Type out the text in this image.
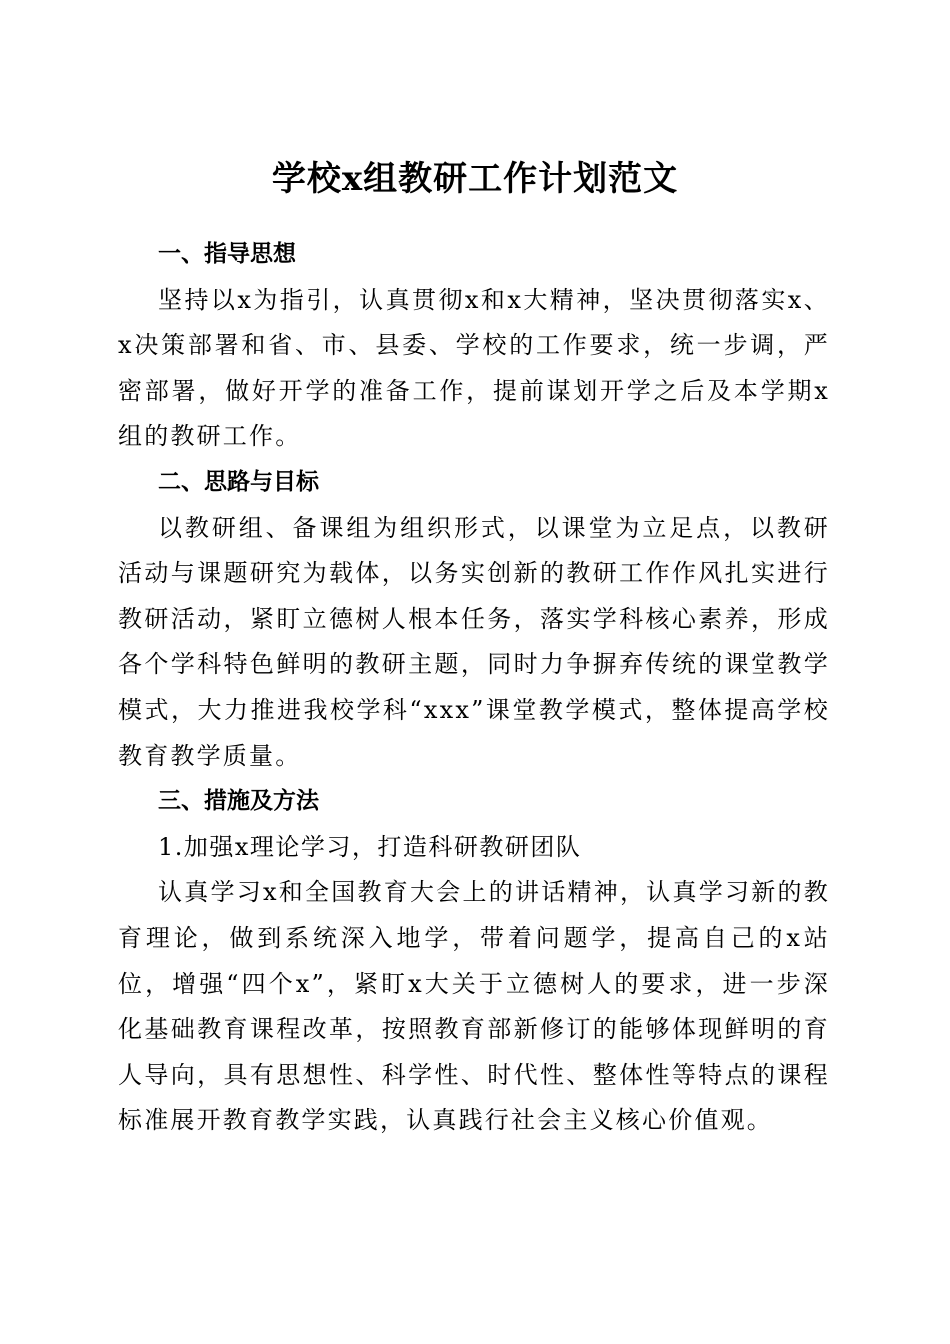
学校x组教研工作计划范文
一、指导思想

坚持以x为指引，认真贯彻x和x大精神，坚决贯彻落实x、x决策部署和省、市、县委、学校的工作要求，统一步调，严密部署，做好开学的准备工作，提前谋划开学之后及本学期x组的教研工作。

二、思路与目标

以教研组、备课组为组织形式，以课堂为立足点，以教研活动与课题研究为载体，以务实创新的教研工作作风扎实进行教研活动，紧盯立德树人根本任务，落实学科核心素养，形成各个学科特色鲜明的教研主题，同时力争摒弃传统的课堂教学模式，大力推进我校学科“xxx”课堂教学模式，整体提高学校教育教学质量。

三、措施及方法

1.加强x理论学习，打造科研教研团队

认真学习x和全国教育大会上的讲话精神，认真学习新的教育理论，做到系统深入地学，带着问题学，提高自己的x站位，增强“四个x”，紧盯x大关于立德树人的要求，进一步深化基础教育课程改革，按照教育部新修订的能够体现鲜明的育人导向，具有思想性、科学性、时代性、整体性等特点的课程标准展开教育教学实践，认真践行社会主义核心价值观。
